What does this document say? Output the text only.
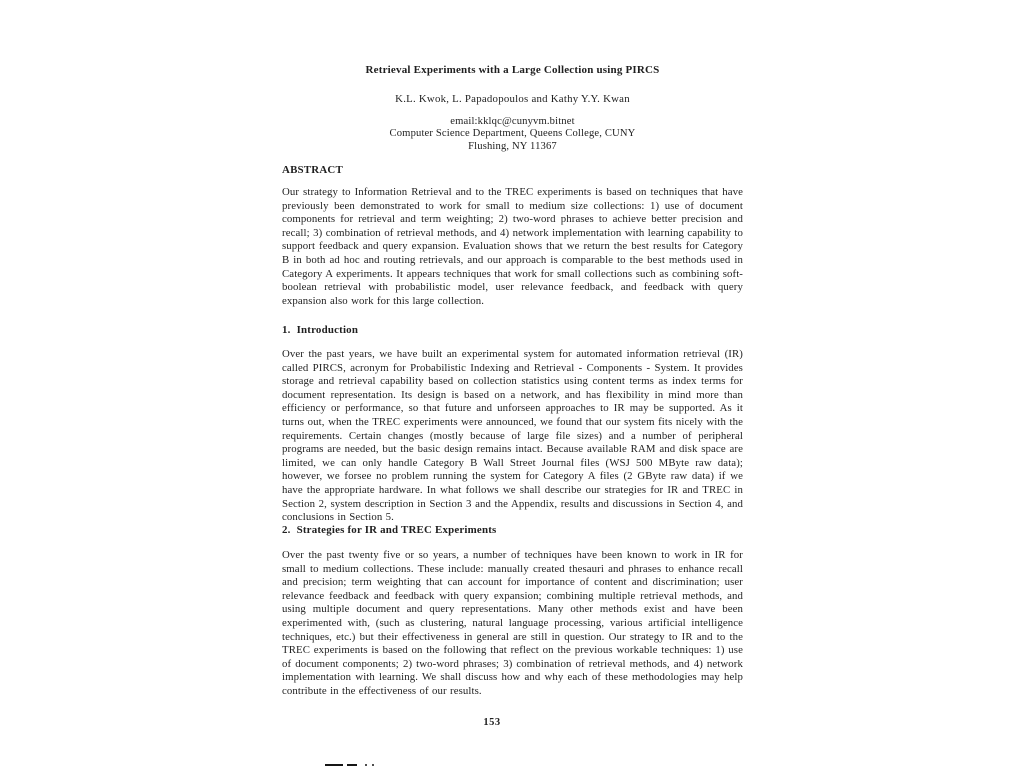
Retrieval Experiments with a Large Collection using PIRCS
K.L. Kwok, L. Papadopoulos and Kathy Y.Y. Kwan
email:kklqc@cunyvm.bitnet
Computer Science Department, Queens College, CUNY
Flushing, NY 11367
ABSTRACT
Our strategy to Information Retrieval and to the TREC experiments is based on techniques that have previously been demonstrated to work for small to medium size collections: 1) use of document components for retrieval and term weighting; 2) two-word phrases to achieve better precision and recall; 3) combination of retrieval methods, and 4) network implementation with learning capability to support feedback and query expansion. Evaluation shows that we return the best results for Category B in both ad hoc and routing retrievals, and our approach is comparable to the best methods used in Category A experiments. It appears techniques that work for small collections such as combining soft-boolean retrieval with probabilistic model, user relevance feedback, and feedback with query expansion also work for this large collection.
1. Introduction
Over the past years, we have built an experimental system for automated information retrieval (IR) called PIRCS, acronym for Probabilistic Indexing and Retrieval - Components - System. It provides storage and retrieval capability based on collection statistics using content terms as index terms for document representation. Its design is based on a network, and has flexibility in mind more than efficiency or performance, so that future and unforseen approaches to IR may be supported. As it turns out, when the TREC experiments were announced, we found that our system fits nicely with the requirements. Certain changes (mostly because of large file sizes) and a number of peripheral programs are needed, but the basic design remains intact. Because available RAM and disk space are limited, we can only handle Category B Wall Street Journal files (WSJ 500 MByte raw data); however, we forsee no problem running the system for Category A files (2 GByte raw data) if we have the appropriate hardware. In what follows we shall describe our strategies for IR and TREC in Section 2, system description in Section 3 and the Appendix, results and discussions in Section 4, and conclusions in Section 5.
2. Strategies for IR and TREC Experiments
Over the past twenty five or so years, a number of techniques have been known to work in IR for small to medium collections. These include: manually created thesauri and phrases to enhance recall and precision; term weighting that can account for importance of content and discrimination; user relevance feedback and feedback with query expansion; combining multiple retrieval methods, and using multiple document and query representations. Many other methods exist and have been experimented with, (such as clustering, natural language processing, various artificial intelligence techniques, etc.) but their effectiveness in general are still in question. Our strategy to IR and to the TREC experiments is based on the following that reflect on the previous workable techniques: 1) use of document components; 2) two-word phrases; 3) combination of retrieval methods, and 4) network implementation with learning. We shall discuss how and why each of these methodologies may help contribute in the effectiveness of our results.
153
